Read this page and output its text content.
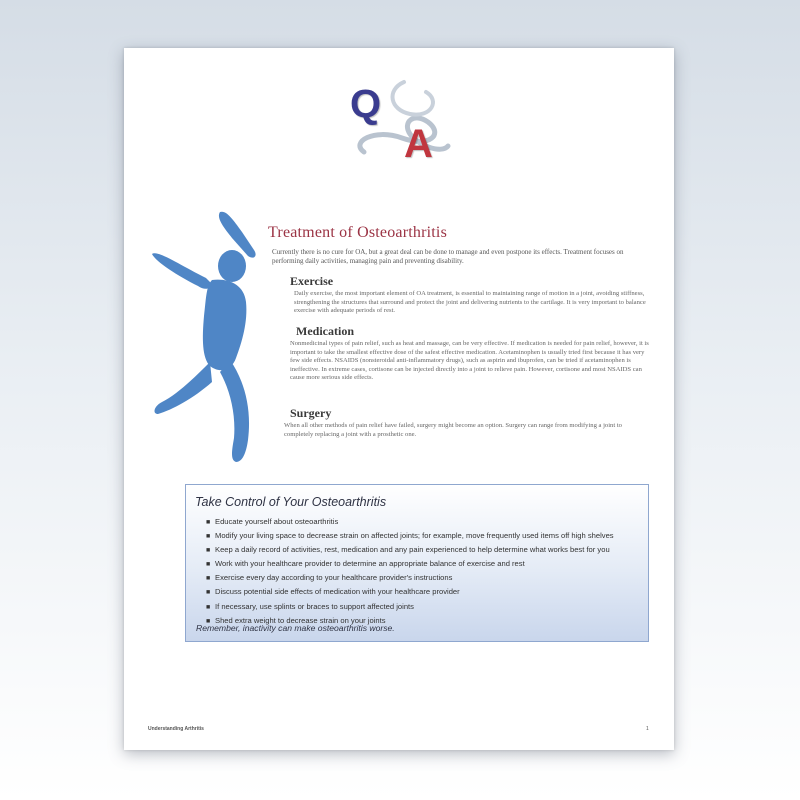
Q
A
Treatment of Osteoarthritis
Currently there is no cure for OA, but a great deal can be done to manage and even postpone its effects. Treatment focuses on performing daily activities, managing pain and preventing disability.
Exercise
Daily exercise, the most important element of OA treatment, is essential to maintaining range of motion in a joint, avoiding stiffness, strengthening the structures that surround and protect the joint and delivering nutrients to the cartilage. It is very important to balance exercise with adequate periods of rest.
Medication
Nonmedicinal types of pain relief, such as heat and massage, can be very effective. If medication is needed for pain relief, however, it is important to take the smallest effective dose of the safest effective medication. Acetaminophen is usually tried first because it has very few side effects. NSAIDS (nonsteroidal anti-inflammatory drugs), such as aspirin and ibuprofen, can be tried if acetaminophen is ineffective. In extreme cases, cortisone can be injected directly into a joint to relieve pain. However, cortisone and most NSAIDS can cause more serious side effects.
Surgery
When all other methods of pain relief have failed, surgery might become an option. Surgery can range from modifying a joint to completely replacing a joint with a prosthetic one.
Take Control of Your Osteoarthritis
■ Educate yourself about osteoarthritis
■ Modify your living space to decrease strain on affected joints; for example, move frequently used items off high shelves
■ Keep a daily record of activities, rest, medication and any pain experienced to help determine what works best for you
■ Work with your healthcare provider to determine an appropriate balance of exercise and rest
■ Exercise every day according to your healthcare provider's instructions
■ Discuss potential side effects of medication with your healthcare provider
■ If necessary, use splints or braces to support affected joints
■ Shed extra weight to decrease strain on your joints
Remember, inactivity can make osteoarthritis worse.
Understanding Arthritis	1
